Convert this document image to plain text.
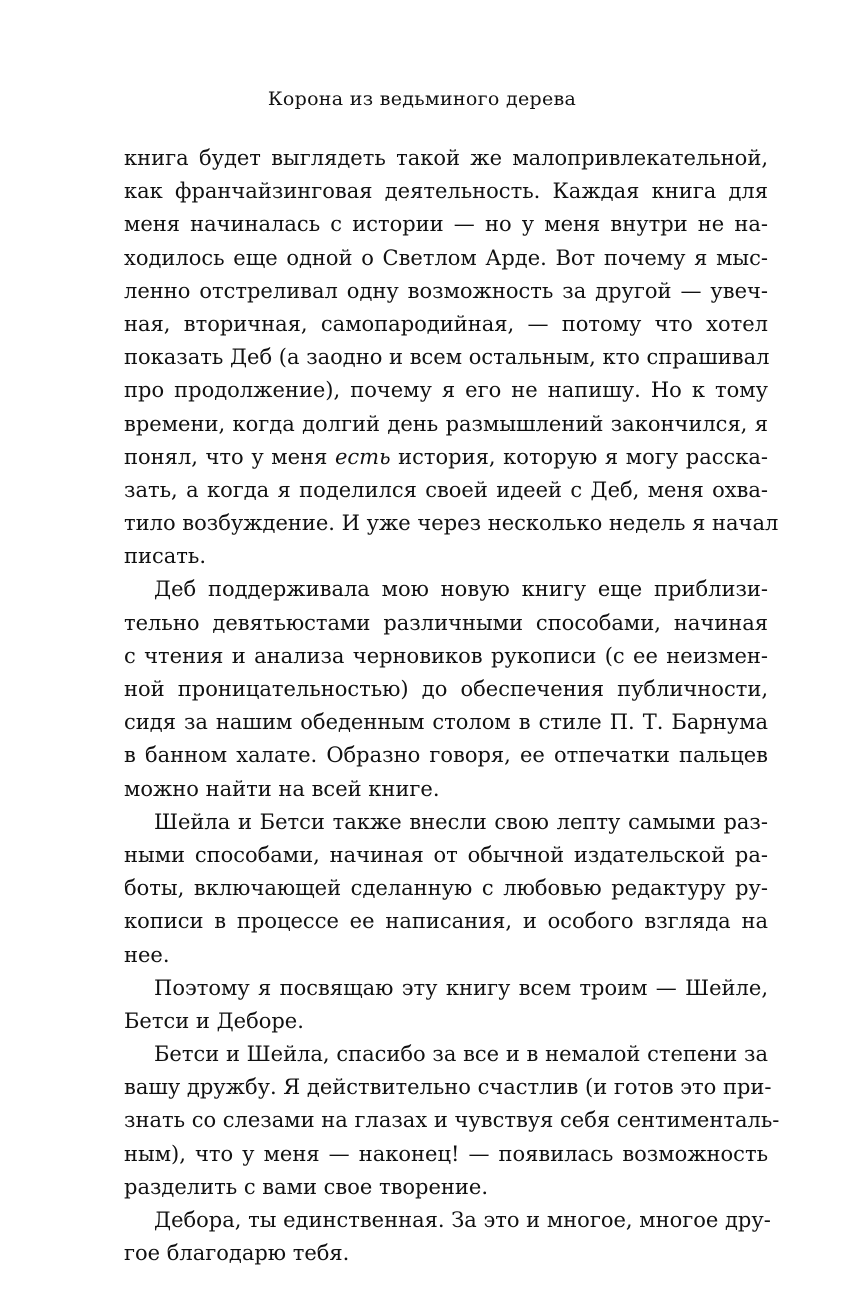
Корона из ведьминого дерева
книга будет выглядеть такой же малопривлекательной,
как франчайзинговая деятельность. Каждая книга для
меня начиналась с истории — но у меня внутри не на-
ходилось еще одной о Светлом Арде. Вот почему я мыс-
ленно отстреливал одну возможность за другой — увеч-
ная, вторичная, самопародийная, — потому что хотел
показать Деб (а заодно и всем остальным, кто спрашивал
про продолжение), почему я его не напишу. Но к тому
времени, когда долгий день размышлений закончился, я
понял, что у меня есть история, которую я могу расска-
зать, а когда я поделился своей идеей с Деб, меня охва-
тило возбуждение. И уже через несколько недель я начал
писать.
Деб поддерживала мою новую книгу еще приблизи-
тельно девятьюстами различными способами, начиная
с чтения и анализа черновиков рукописи (с ее неизмен-
ной проницательностью) до обеспечения публичности,
сидя за нашим обеденным столом в стиле П. Т. Барнума
в банном халате. Образно говоря, ее отпечатки пальцев
можно найти на всей книге.
Шейла и Бетси также внесли свою лепту самыми раз-
ными способами, начиная от обычной издательской ра-
боты, включающей сделанную с любовью редактуру ру-
кописи в процессе ее написания, и особого взгляда на
нее.
Поэтому я посвящаю эту книгу всем троим — Шейле,
Бетси и Деборе.
Бетси и Шейла, спасибо за все и в немалой степени за
вашу дружбу. Я действительно счастлив (и готов это при-
знать со слезами на глазах и чувствуя себя сентименталь-
ным), что у меня — наконец! — появилась возможность
разделить с вами свое творение.
Дебора, ты единственная. За это и многое, многое дру-
гое благодарю тебя.
